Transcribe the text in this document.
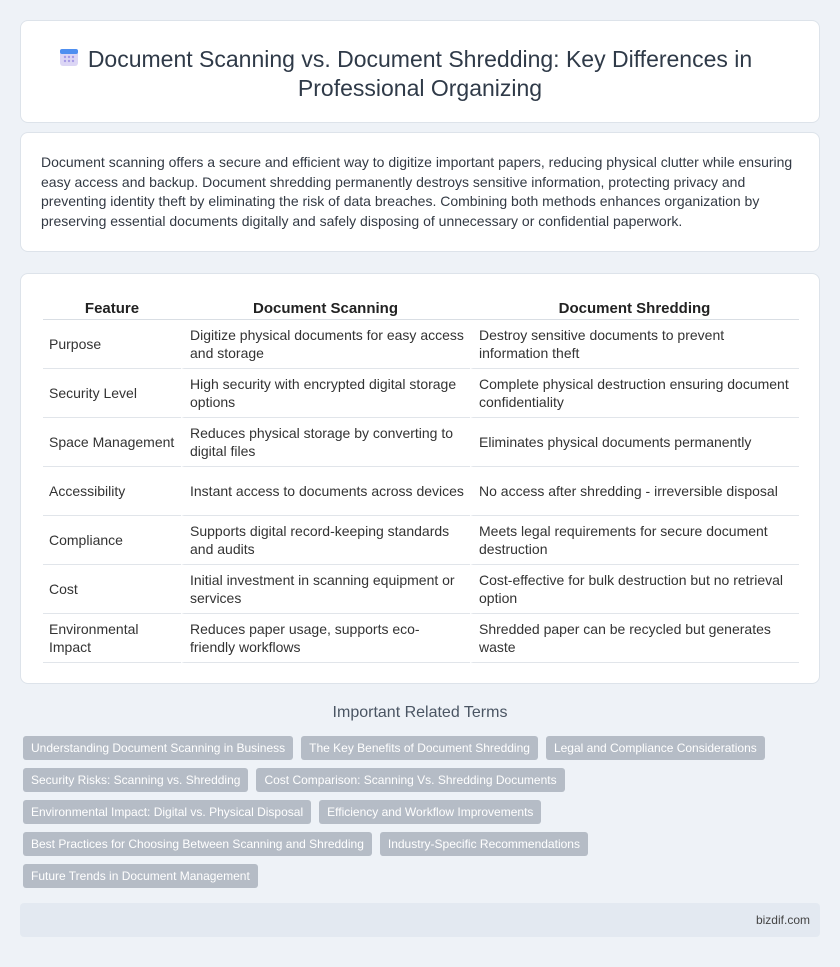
Document Scanning vs. Document Shredding: Key Differences in Professional Organizing

Document scanning offers a secure and efficient way to digitize important papers, reducing physical clutter while ensuring easy access and backup. Document shredding permanently destroys sensitive information, protecting privacy and preventing identity theft by eliminating the risk of data breaches. Combining both methods enhances organization by preserving essential documents digitally and safely disposing of unnecessary or confidential paperwork.

Feature	Document Scanning	Document Shredding
Purpose	Digitize physical documents for easy access and storage	Destroy sensitive documents to prevent information theft
Security Level	High security with encrypted digital storage options	Complete physical destruction ensuring document confidentiality
Space Management	Reduces physical storage by converting to digital files	Eliminates physical documents permanently
Accessibility	Instant access to documents across devices	No access after shredding - irreversible disposal
Compliance	Supports digital record-keeping standards and audits	Meets legal requirements for secure document destruction
Cost	Initial investment in scanning equipment or services	Cost-effective for bulk destruction but no retrieval option
Environmental Impact	Reduces paper usage, supports eco-friendly workflows	Shredded paper can be recycled but generates waste
Important Related Terms
Understanding Document Scanning in Business	The Key Benefits of Document Shredding	Legal and Compliance Considerations
Security Risks: Scanning vs. Shredding	Cost Comparison: Scanning Vs. Shredding Documents
Environmental Impact: Digital vs. Physical Disposal	Efficiency and Workflow Improvements
Best Practices for Choosing Between Scanning and Shredding	Industry-Specific Recommendations
Future Trends in Document Management
bizdif.com
